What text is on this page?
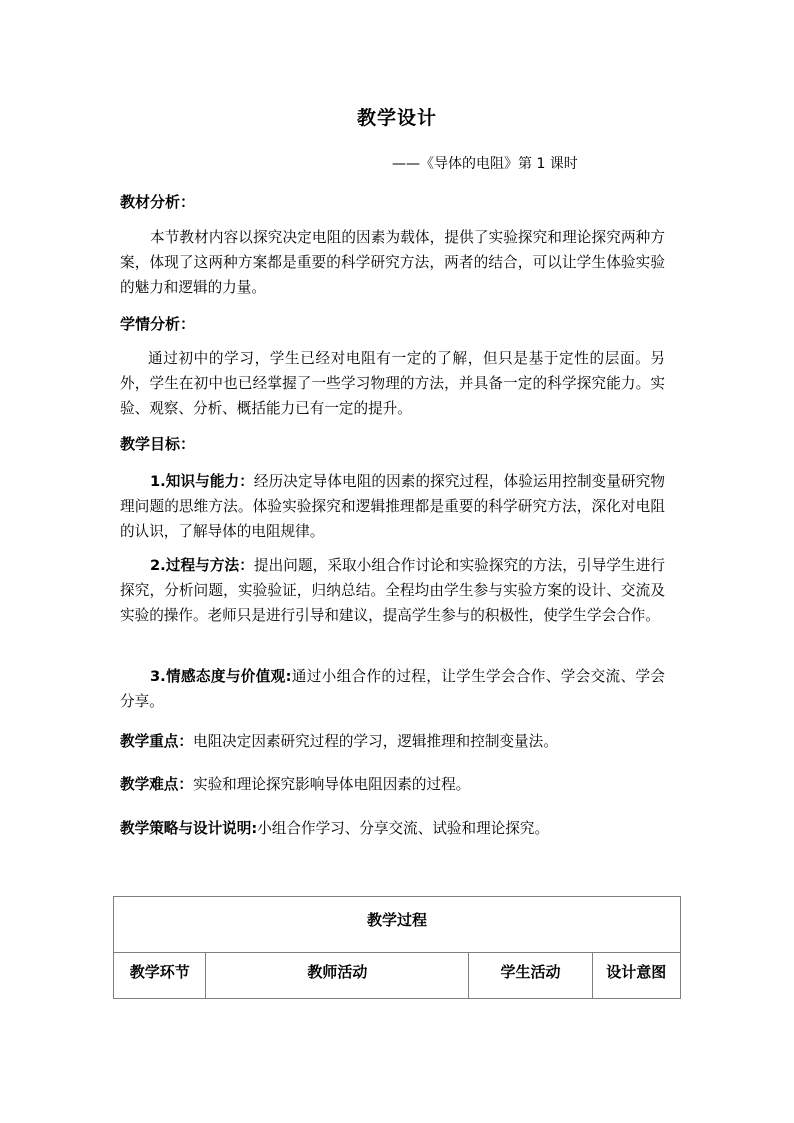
教学设计
——《导体的电阻》第 1 课时
教材分析：
本节教材内容以探究决定电阻的因素为载体，提供了实验探究和理论探究两种方案，体现了这两种方案都是重要的科学研究方法，两者的结合，可以让学生体验实验的魅力和逻辑的力量。
学情分析：
通过初中的学习，学生已经对电阻有一定的了解，但只是基于定性的层面。另外，学生在初中也已经掌握了一些学习物理的方法，并具备一定的科学探究能力。实验、观察、分析、概括能力已有一定的提升。
教学目标：
1.知识与能力：经历决定导体电阻的因素的探究过程，体验运用控制变量研究物理问题的思维方法。体验实验探究和逻辑推理都是重要的科学研究方法，深化对电阻的认识，了解导体的电阻规律。
2.过程与方法：提出问题，采取小组合作讨论和实验探究的方法，引导学生进行探究，分析问题，实验验证，归纳总结。全程均由学生参与实验方案的设计、交流及实验的操作。老师只是进行引导和建议，提高学生参与的积极性，使学生学会合作。
3.情感态度与价值观:通过小组合作的过程，让学生学会合作、学会交流、学会分享。
教学重点：电阻决定因素研究过程的学习，逻辑推理和控制变量法。
教学难点：实验和理论探究影响导体电阻因素的过程。
教学策略与设计说明:小组合作学习、分享交流、试验和理论探究。
教学过程
教学环节	教师活动	学生活动	设计意图
